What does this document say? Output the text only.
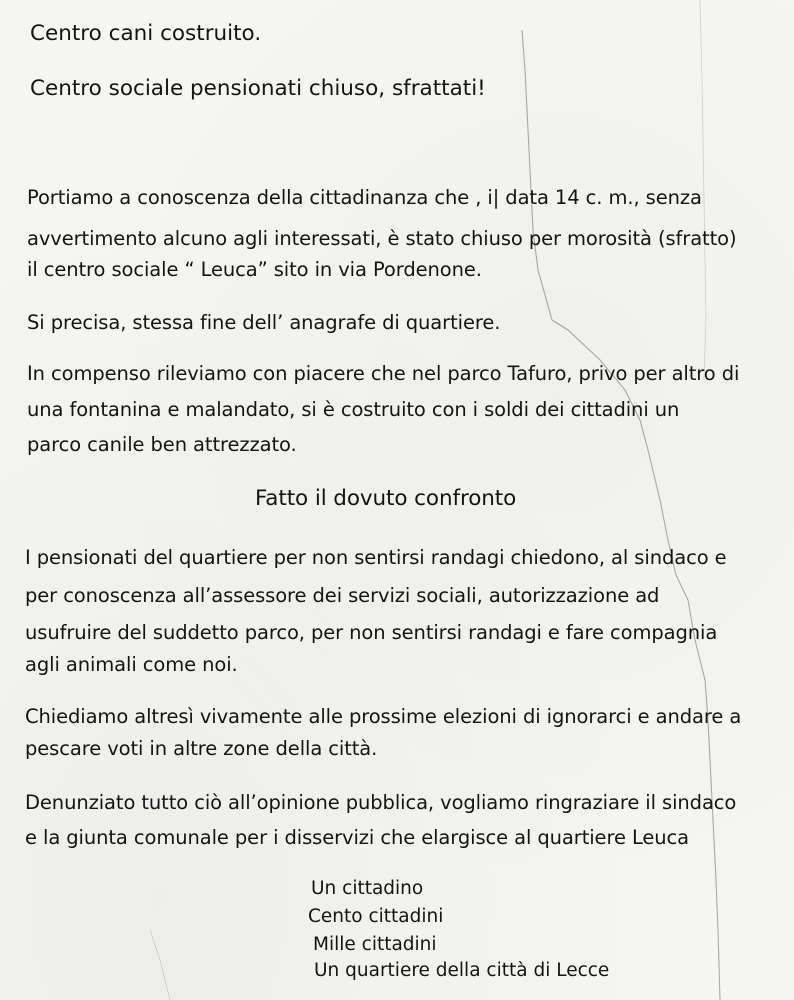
Centro cani costruito.

Centro sociale pensionati chiuso, sfrattati!

Portiamo a conoscenza della cittadinanza che , i| data 14 c. m., senza

avvertimento alcuno agli interessati, è stato chiuso per morosità (sfratto)

il centro sociale “ Leuca” sito in via Pordenone.

Si precisa, stessa fine dell’ anagrafe di quartiere.

In compenso rileviamo con piacere che nel parco Tafuro, privo per altro di

una fontanina e malandato, si è costruito con i soldi dei cittadini un

parco canile ben attrezzato.

Fatto il dovuto confronto

I pensionati del quartiere per non sentirsi randagi chiedono, al sindaco e

per conoscenza all’assessore dei servizi sociali, autorizzazione ad

usufruire del suddetto parco, per non sentirsi randagi e fare compagnia

agli animali come noi.

Chiediamo altresì vivamente alle prossime elezioni di ignorarci e andare a

pescare voti in altre zone della città.

Denunziato tutto ciò all’opinione pubblica, vogliamo ringraziare il sindaco

e la giunta comunale per i disservizi che elargisce al quartiere Leuca

Un cittadino

Cento cittadini

Mille cittadini

Un quartiere della città di Lecce
